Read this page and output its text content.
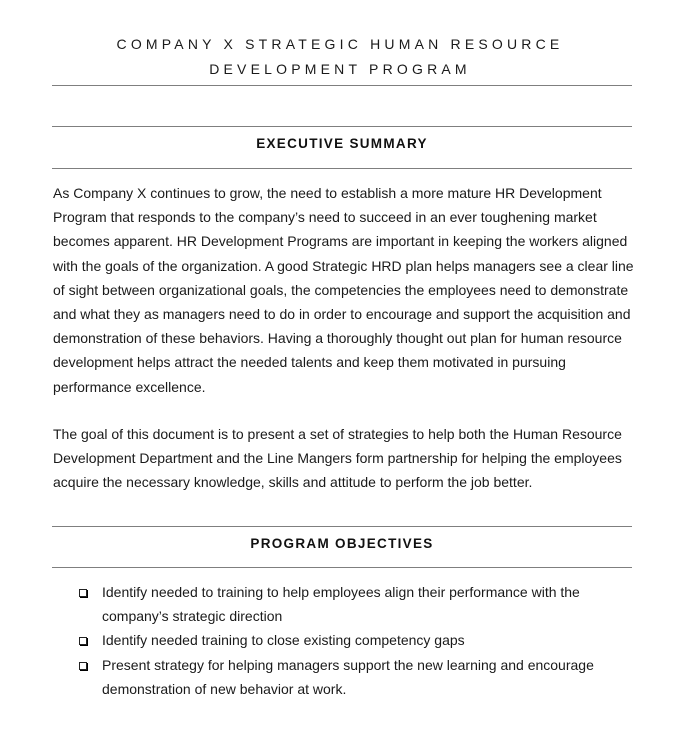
COMPANY X STRATEGIC HUMAN RESOURCE
DEVELOPMENT PROGRAM
EXECUTIVE SUMMARY

As Company X continues to grow, the need to establish a more mature HR Development Program that responds to the company’s need to succeed in an ever toughening market becomes apparent. HR Development Programs are important in keeping the workers aligned with the goals of the organization. A good Strategic HRD plan helps managers see a clear line of sight between organizational goals, the competencies the employees need to demonstrate and what they as managers need to do in order to encourage and support the acquisition and demonstration of these behaviors. Having a thoroughly thought out plan for human resource development helps attract the needed talents and keep them motivated in pursuing performance excellence.

The goal of this document is to present a set of strategies to help both the Human Resource Development Department and the Line Mangers form partnership for helping the employees acquire the necessary knowledge, skills and attitude to perform the job better.

PROGRAM OBJECTIVES
Identify needed to training to help employees align their performance with the company’s strategic direction
Identify needed training to close existing competency gaps
Present strategy for helping managers support the new learning and encourage demonstration of new behavior at work.
